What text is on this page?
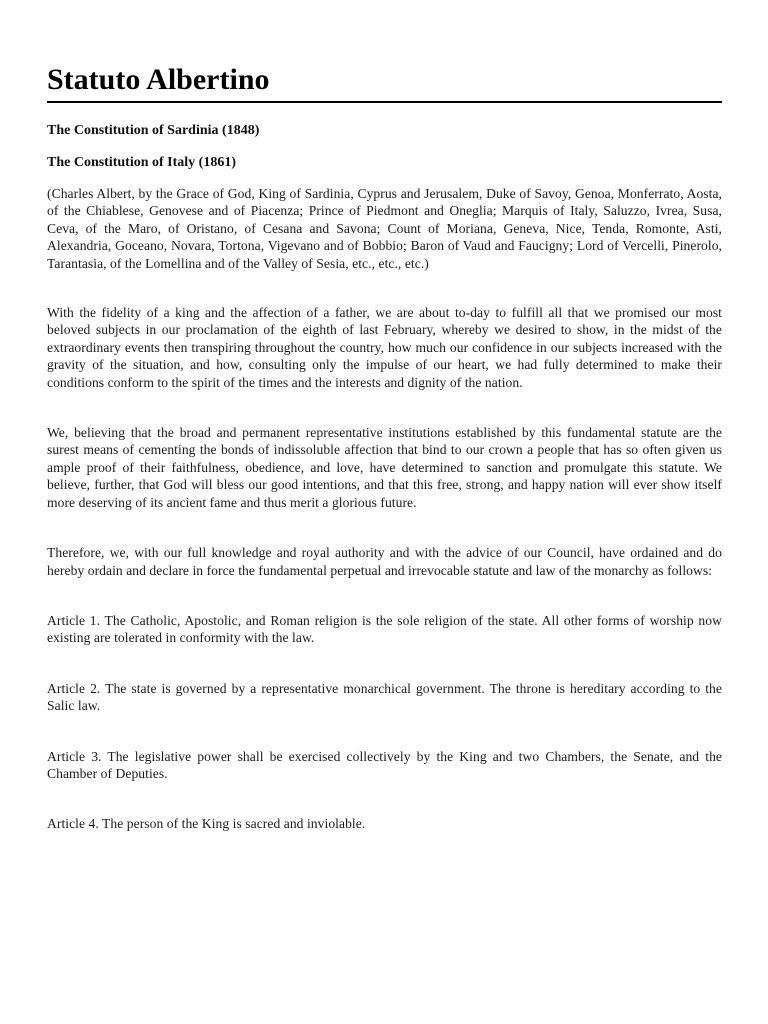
Statuto Albertino

The Constitution of Sardinia (1848)

The Constitution of Italy (1861)

(Charles Albert, by the Grace of God, King of Sardinia, Cyprus and Jerusalem, Duke of Savoy, Genoa, Monferrato, Aosta, of the Chiablese, Genovese and of Piacenza; Prince of Piedmont and Oneglia; Marquis of Italy, Saluzzo, Ivrea, Susa, Ceva, of the Maro, of Oristano, of Cesana and Savona; Count of Moriana, Geneva, Nice, Tenda, Romonte, Asti, Alexandria, Goceano, Novara, Tortona, Vigevano and of Bobbio; Baron of Vaud and Faucigny; Lord of Vercelli, Pinerolo, Tarantasia, of the Lomellina and of the Valley of Sesia, etc., etc., etc.)

With the fidelity of a king and the affection of a father, we are about to-day to fulfill all that we promised our most beloved subjects in our proclamation of the eighth of last February, whereby we desired to show, in the midst of the extraordinary events then transpiring throughout the country, how much our confidence in our subjects increased with the gravity of the situation, and how, consulting only the impulse of our heart, we had fully determined to make their conditions conform to the spirit of the times and the interests and dignity of the nation.

We, believing that the broad and permanent representative institutions established by this fundamental statute are the surest means of cementing the bonds of indissoluble affection that bind to our crown a people that has so often given us ample proof of their faithfulness, obedience, and love, have determined to sanction and promulgate this statute. We believe, further, that God will bless our good intentions, and that this free, strong, and happy nation will ever show itself more deserving of its ancient fame and thus merit a glorious future.

Therefore, we, with our full knowledge and royal authority and with the advice of our Council, have ordained and do hereby ordain and declare in force the fundamental perpetual and irrevocable statute and law of the monarchy as follows:

Article 1. The Catholic, Apostolic, and Roman religion is the sole religion of the state. All other forms of worship now existing are tolerated in conformity with the law.

Article 2. The state is governed by a representative monarchical government. The throne is hereditary according to the Salic law.

Article 3. The legislative power shall be exercised collectively by the King and two Chambers, the Senate, and the Chamber of Deputies.

Article 4. The person of the King is sacred and inviolable.
